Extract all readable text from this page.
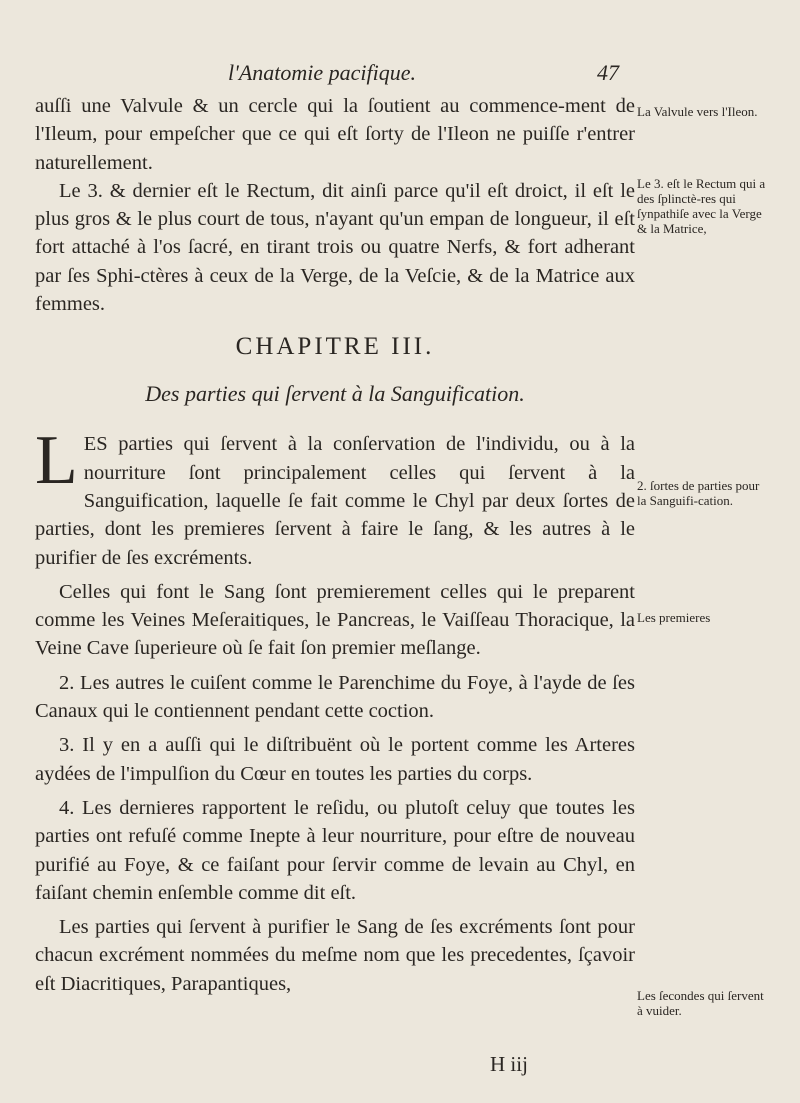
l'Anatomie pacifique.	47

auſſi une Valvule & un cercle qui la ſoutient au commence-ment de l'Ileum, pour empeſcher que ce qui eſt ſorty de l'Ileon ne puiſſe r'entrer naturellement.

Le 3. & dernier eſt le Rectum, dit ainſi parce qu'il eſt droict, il eſt le plus gros & le plus court de tous, n'ayant qu'un empan de longueur, il eſt fort attaché à l'os ſacré, en tirant trois ou quatre Nerfs, & fort adherant par ſes Sphi-ctères à ceux de la Verge, de la Veſcie, & de la Matrice aux femmes.

CHAPITRE III.

Des parties qui ſervent à la Sanguification.

LES parties qui ſervent à la conſervation de l'individu, ou à la nourriture ſont principalement celles qui ſervent à la Sanguification, laquelle ſe fait comme le Chyl par deux ſortes de parties, dont les premieres ſervent à faire le ſang, & les autres à le purifier de ſes excréments.

Celles qui font le Sang ſont premierement celles qui le preparent comme les Veines Meſeraitiques, le Pancreas, le Vaiſſeau Thoracique, la Veine Cave ſuperieure où ſe fait ſon premier meſlange.

2. Les autres le cuiſent comme le Parenchime du Foye, à l'ayde de ſes Canaux qui le contiennent pendant cette coction.

3. Il y en a auſſi qui le diſtribuënt où le portent comme les Arteres aydées de l'impulſion du Cœur en toutes les parties du corps.

4. Les dernieres rapportent le reſidu, ou plutoſt celuy que toutes les parties ont refuſé comme Inepte à leur nourriture, pour eſtre de nouveau purifié au Foye, & ce faiſant pour ſervir comme de levain au Chyl, en faiſant chemin enſemble comme dit eſt.

Les parties qui ſervent à purifier le Sang de ſes excréments ſont pour chacun excrément nommées du meſme nom que les precedentes, ſçavoir eſt Diacritiques, Parapantiques,

La Valvule vers l'Ileon.
Le 3. eſt le Rectum qui a des ſplinctè-res qui ſynpathiſe avec la Verge & la Matrice,
2. ſortes de parties pour la Sanguifi-cation.
Les premieres
Les ſecondes qui ſervent à vuider.
H iij
